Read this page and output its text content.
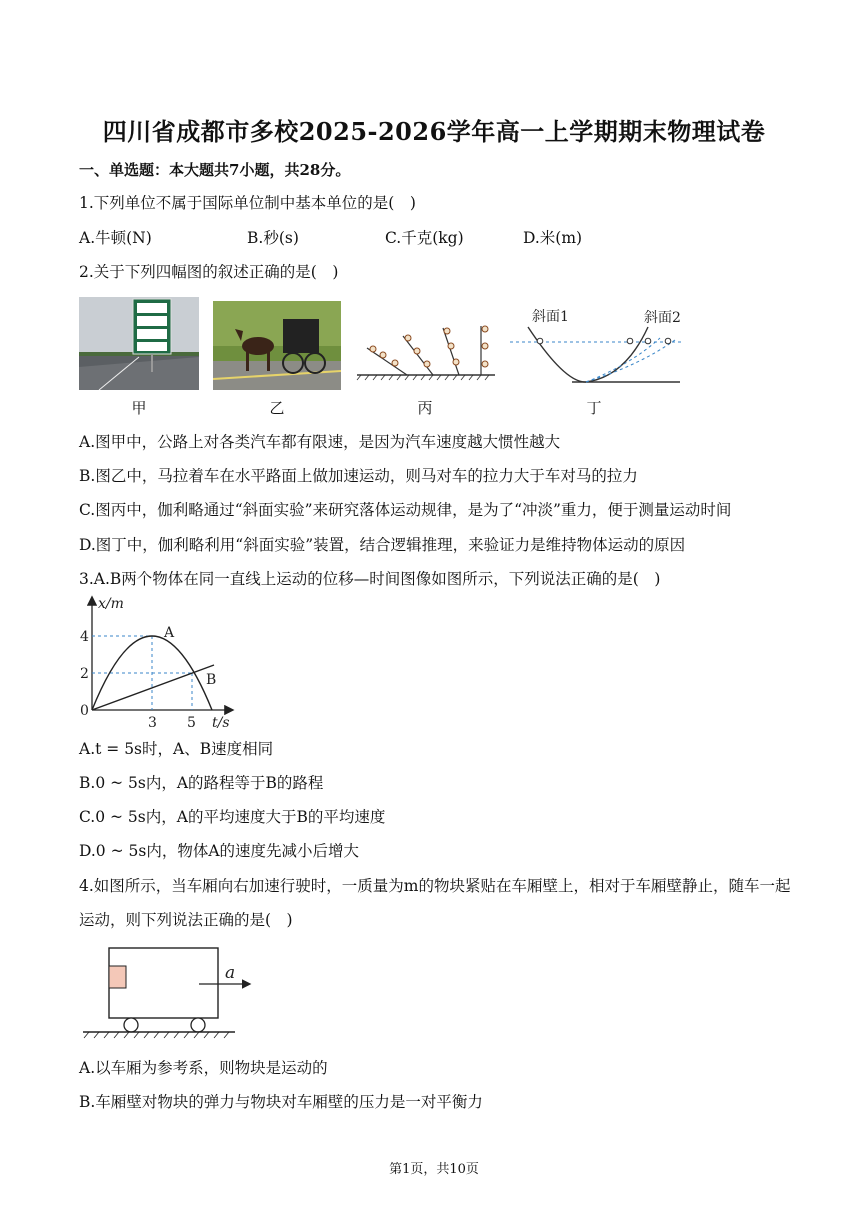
四川省成都市多校2025-2026学年高一上学期期末物理试卷
一、单选题：本大题共7小题，共28分。
1.下列单位不属于国际单位制中基本单位的是(　)
A.牛顿(N)	B.秒(s)	C.千克(kg)	D.米(m)
2.关于下列四幅图的叙述正确的是(　)
斜面1	斜面2
甲	乙	丙	丁
A.图甲中，公路上对各类汽车都有限速，是因为汽车速度越大惯性越大
B.图乙中，马拉着车在水平路面上做加速运动，则马对车的拉力大于车对马的拉力
C.图丙中，伽利略通过“斜面实验”来研究落体运动规律，是为了“冲淡”重力，便于测量运动时间
D.图丁中，伽利略利用“斜面实验”装置，结合逻辑推理，来验证力是维持物体运动的原因
3.A.B两个物体在同一直线上运动的位移—时间图像如图所示，下列说法正确的是(　)
x/m
t/s
4
2
0
3 5
A
B
A.t = 5s时，A、B速度相同
B.0 ~ 5s内，A的路程等于B的路程
C.0 ~ 5s内，A的平均速度大于B的平均速度
D.0 ~ 5s内，物体A的速度先减小后增大
4.如图所示，当车厢向右加速行驶时，一质量为m的物块紧贴在车厢壁上，相对于车厢壁静止，随车一起
运动，则下列说法正确的是(　)
a
A.以车厢为参考系，则物块是运动的
B.车厢壁对物块的弹力与物块对车厢壁的压力是一对平衡力
第1页，共10页
